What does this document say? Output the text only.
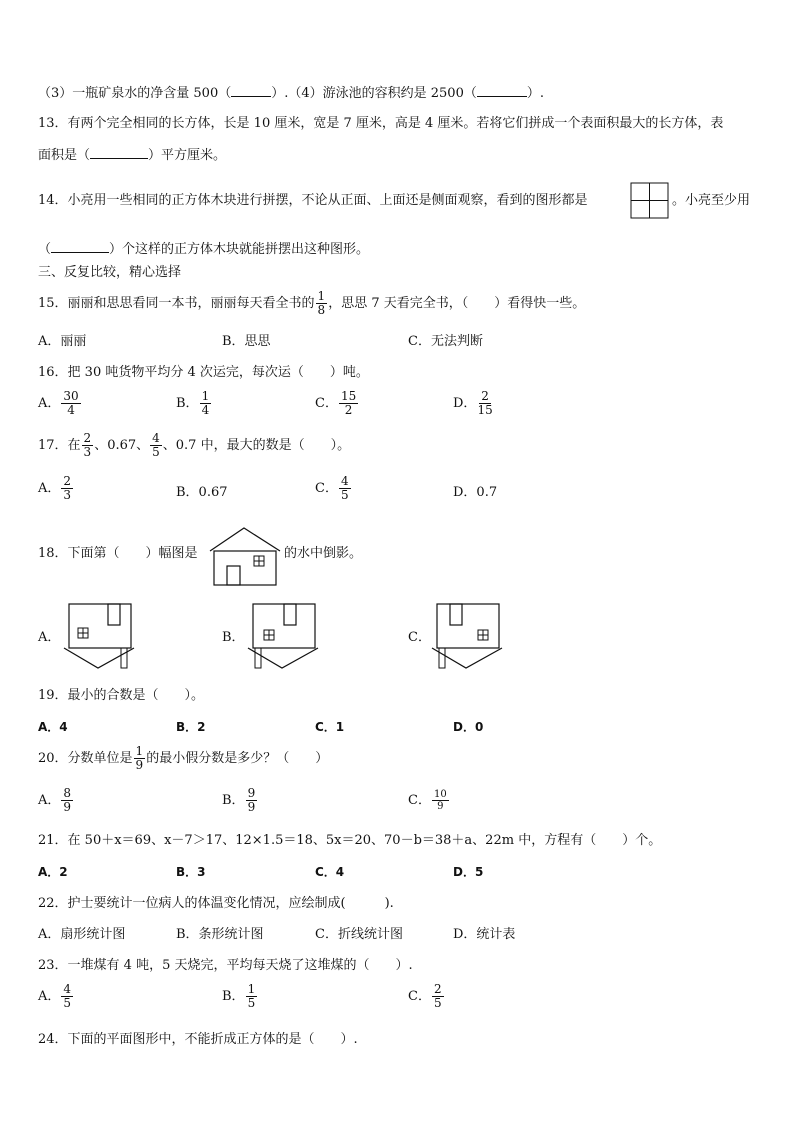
（3）一瓶矿泉水的净含量 500（	）.（4）游泳池的容积约是 2500（	）.
13．有两个完全相同的长方体，长是 10 厘米，宽是 7 厘米，高是 4 厘米。若将它们拼成一个表面积最大的长方体，表
面积是（	）平方厘米。
14．小亮用一些相同的正方体木块进行拼摆，不论从正面、上面还是侧面观察，看到的图形都是	。小亮至少用
（	）个这样的正方体木块就能拼摆出这种图形。
三、反复比较，精心选择
15．丽丽和思思看同一本书，丽丽每天看全书的 $\frac{1}{8}$ ，思思 7 天看完全书，（　　）看得快一些。
A．丽丽	B．思思	C．无法判断
16．把 30 吨货物平均分 4 次运完，每次运（　　）吨。
A． $\frac{30}{4}$	B． $\frac{1}{4}$	C． $\frac{15}{2}$	D． $\frac{2}{15}$
17．在 $\frac{2}{3}$ 、0.67、 $\frac{4}{5}$ 、0.7 中，最大的数是（　　）。
A． $\frac{2}{3}$	B．0.67	C． $\frac{4}{5}$	D．0.7
18．下面第（　　）幅图是	的水中倒影。
A．	B．	C．
19．最小的合数是（　　）。
A．4	B．2	C．1	D．0
20．分数单位是 $\frac{1}{9}$ 的最小假分数是多少？（　　）
A． $\frac{8}{9}$	B． $\frac{9}{9}$	C． $\frac{10}{9}$
21．在 50＋x＝69、x－7＞17、12×1.5＝18、5x＝20、70－b＝38＋a、22m 中，方程有（　　）个。
A．2	B．3	C．4	D．5
22．护士要统计一位病人的体温变化情况，应绘制成(　　　).
A．扇形统计图	B．条形统计图	C．折线统计图	D．统计表
23．一堆煤有 4 吨，5 天烧完，平均每天烧了这堆煤的（　　）.
A． $\frac{4}{5}$	B． $\frac{1}{5}$	C． $\frac{2}{5}$
24．下面的平面图形中，不能折成正方体的是（　　）.
